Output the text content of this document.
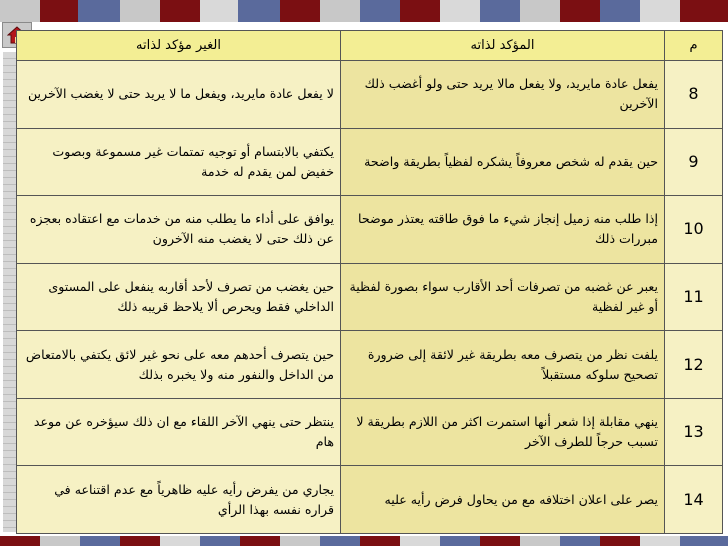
م	المؤكد لذاته	الغير مؤكد لذاته
8	يفعل عادة مايريد، ولا يفعل مالا يريد حتى ولو أغضب ذلك الآخرين	لا يفعل عادة مايريد، ويفعل ما لا يريد حتى لا يغضب الآخرين
9	حين يقدم له شخص معروفاً يشكره لفظياً بطريقة واضحة	يكتفي بالابتسام أو توجيه تمتمات غير مسموعة وبصوت خفيض لمن يقدم له خدمة
10	إذا طلب منه زميل إنجاز شيء ما فوق طاقته يعتذر موضحا مبررات ذلك	يوافق على أداء ما يطلب منه من خدمات مع اعتقاده بعجزه عن ذلك حتى لا يغضب منه الآخرون
11	يعبر عن غضبه من تصرفات أحد الأقارب سواء بصورة لفظية أو غير لفظية	حين يغضب من تصرف لأحد أقاربه ينفعل على المستوى الداخلي فقط ويحرص ألا يلاحظ قريبه ذلك
12	يلفت نظر من يتصرف معه بطريقة غير لائقة إلى ضرورة تصحيح سلوكه مستقبلاً	حين يتصرف أحدهم معه على نحو غير لائق يكتفي بالامتعاض من الداخل والنفور منه ولا يخبره بذلك
13	ينهي مقابلة إذا شعر أنها استمرت اكثر من اللازم بطريقة لا تسبب حرجاً للطرف الآخر	ينتظر حتى ينهي الآخر اللقاء مع ان ذلك سيؤخره عن موعد هام
14	يصر على اعلان اختلافه مع من يحاول فرض رأيه عليه	يجاري من يفرض رأيه عليه ظاهرياً مع عدم اقتناعه في قراره نفسه بهذا الرأي
